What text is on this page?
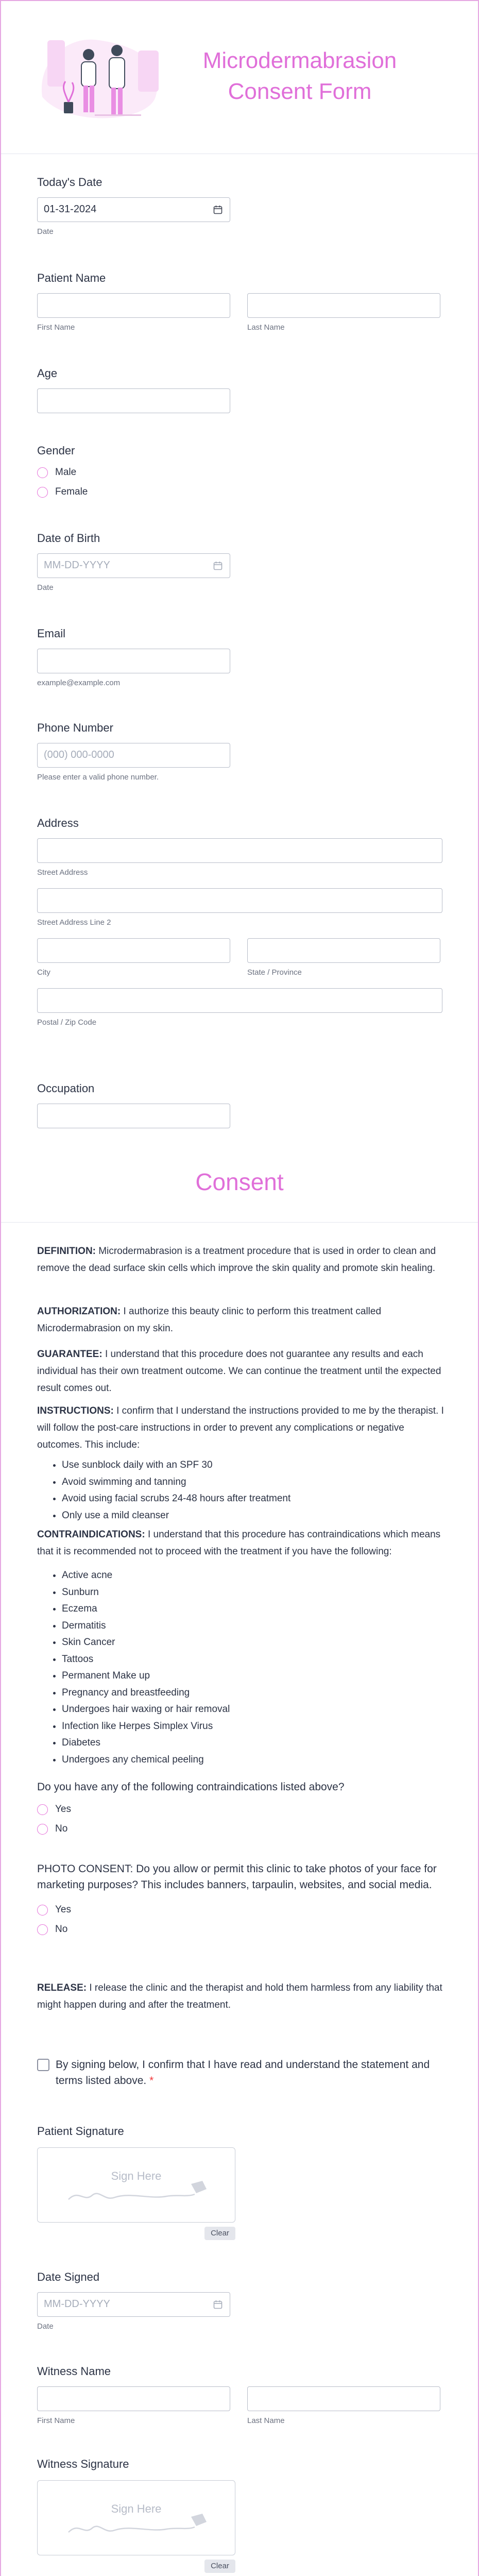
Microdermabrasion
Consent Form
Today's Date
01-31-2024
Date
Patient Name
First Name	Last Name
Age
Gender
Male
Female
Date of Birth
MM-DD-YYYY
Date
Email
example@example.com
Phone Number
(000) 000-0000
Please enter a valid phone number.
Address
Street Address
Street Address Line 2
City	State / Province
Postal / Zip Code
Occupation
Consent
DEFINITION: Microdermabrasion is a treatment procedure that is used in order to clean and remove the dead surface skin cells which improve the skin quality and promote skin healing.
AUTHORIZATION: I authorize this beauty clinic to perform this treatment called Microdermabrasion on my skin.
GUARANTEE: I understand that this procedure does not guarantee any results and each individual has their own treatment outcome. We can continue the treatment until the expected result comes out.
INSTRUCTIONS: I confirm that I understand the instructions provided to me by the therapist. I will follow the post-care instructions in order to prevent any complications or negative outcomes. This include:
• Use sunblock daily with an SPF 30
• Avoid swimming and tanning
• Avoid using facial scrubs 24-48 hours after treatment
• Only use a mild cleanser
CONTRAINDICATIONS: I understand that this procedure has contraindications which means that it is recommended not to proceed with the treatment if you have the following:
• Active acne
• Sunburn
• Eczema
• Dermatitis
• Skin Cancer
• Tattoos
• Permanent Make up
• Pregnancy and breastfeeding
• Undergoes hair waxing or hair removal
• Infection like Herpes Simplex Virus
• Diabetes
• Undergoes any chemical peeling
Do you have any of the following contraindications listed above?
Yes
No
PHOTO CONSENT: Do you allow or permit this clinic to take photos of your face for marketing purposes? This includes banners, tarpaulin, websites, and social media.
Yes
No
RELEASE: I release the clinic and the therapist and hold them harmless from any liability that might happen during and after the treatment.
By signing below, I confirm that I have read and understand the statement and terms listed above. *
Patient Signature
Sign Here
Clear
Date Signed
MM-DD-YYYY
Date
Witness Name
First Name	Last Name
Witness Signature
Sign Here
Clear
